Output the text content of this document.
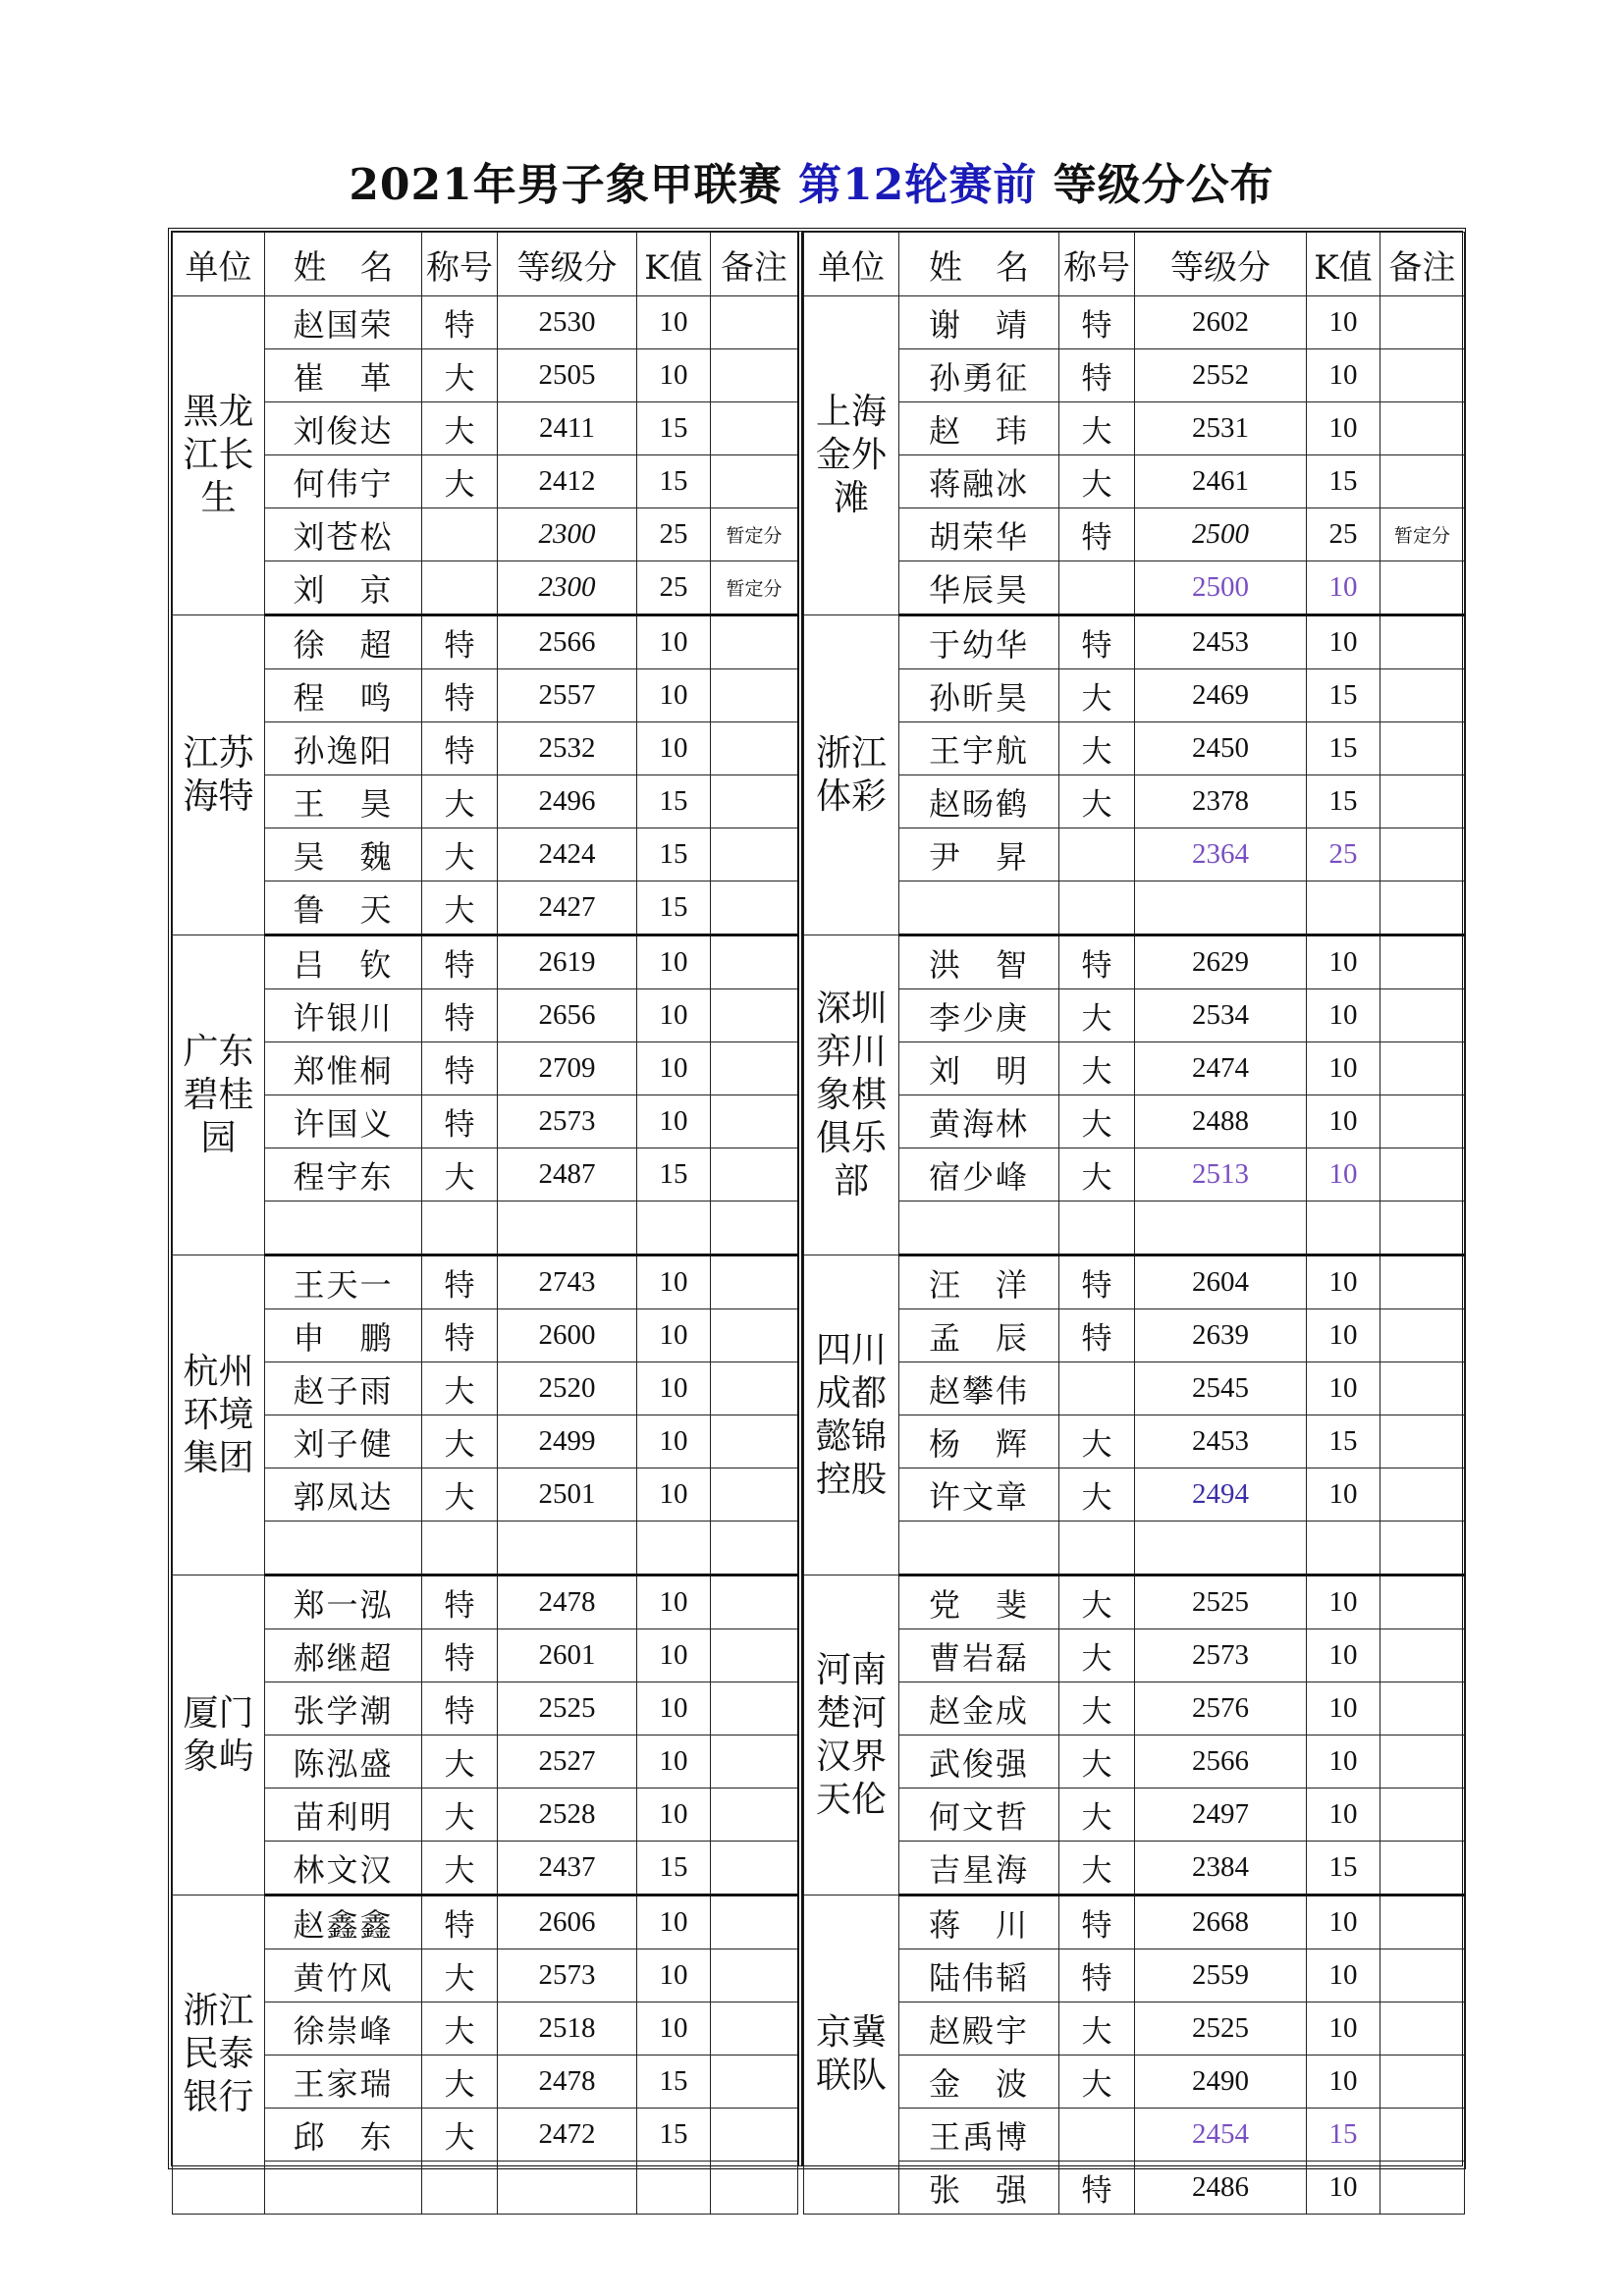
2021年男子象甲联赛 第12轮赛前 等级分公布
单位	姓　名	称号	等级分	K值	备注

黑龙
江长
生	赵国荣	特	2530	10	
	崔　革	大	2505	10	
	刘俊达	大	2411	15	
	何伟宁	大	2412	15	
	刘苍松		2300	25	暂定分
	刘　京		2300	25	暂定分

江苏
海特	徐　超	特	2566	10	
	程　鸣	特	2557	10	
	孙逸阳	特	2532	10	
	王　昊	大	2496	15	
	吴　魏	大	2424	15	
	鲁　天	大	2427	15	

广东
碧桂
园	吕　钦	特	2619	10	
	许银川	特	2656	10	
	郑惟桐	特	2709	10	
	许国义	特	2573	10	
	程宇东	大	2487	15	

杭州
环境
集团	王天一	特	2743	10	
	申　鹏	特	2600	10	
	赵子雨	大	2520	10	
	刘子健	大	2499	10	
	郭凤达	大	2501	10	

厦门
象屿	郑一泓	特	2478	10	
	郝继超	特	2601	10	
	张学潮	特	2525	10	
	陈泓盛	大	2527	10	
	苗利明	大	2528	10	
	林文汉	大	2437	15	

浙江
民泰
银行	赵鑫鑫	特	2606	10	
	黄竹风	大	2573	10	
	徐崇峰	大	2518	10	
	王家瑞	大	2478	15	
	邱　东	大	2472	15	

单位	姓　名	称号	等级分	K值	备注

上海
金外
滩	谢　靖	特	2602	10	
	孙勇征	特	2552	10	
	赵　玮	大	2531	10	
	蒋融冰	大	2461	15	
	胡荣华	特	2500	25	暂定分
	华辰昊		2500	10	

浙江
体彩	于幼华	特	2453	10	
	孙昕昊	大	2469	15	
	王宇航	大	2450	15	
	赵旸鹤	大	2378	15	
	尹　昇		2364	25	

深圳
弈川
象棋
俱乐
部	洪　智	特	2629	10	
	李少庚	大	2534	10	
	刘　明	大	2474	10	
	黄海林	大	2488	10	
	宿少峰	大	2513	10	

四川
成都
懿锦
控股	汪　洋	特	2604	10	
	孟　辰	特	2639	10	
	赵攀伟		2545	10	
	杨　辉	大	2453	15	
	许文章	大	2494	10	

河南
楚河
汉界
天伦	党　斐	大	2525	10	
	曹岩磊	大	2573	10	
	赵金成	大	2576	10	
	武俊强	大	2566	10	
	何文哲	大	2497	10	
	吉星海	大	2384	15	

京冀
联队	蒋　川	特	2668	10	
	陆伟韬	特	2559	10	
	赵殿宇	大	2525	10	
	金　波	大	2490	10	
	王禹博		2454	15	
	张　强	特	2486	10	
